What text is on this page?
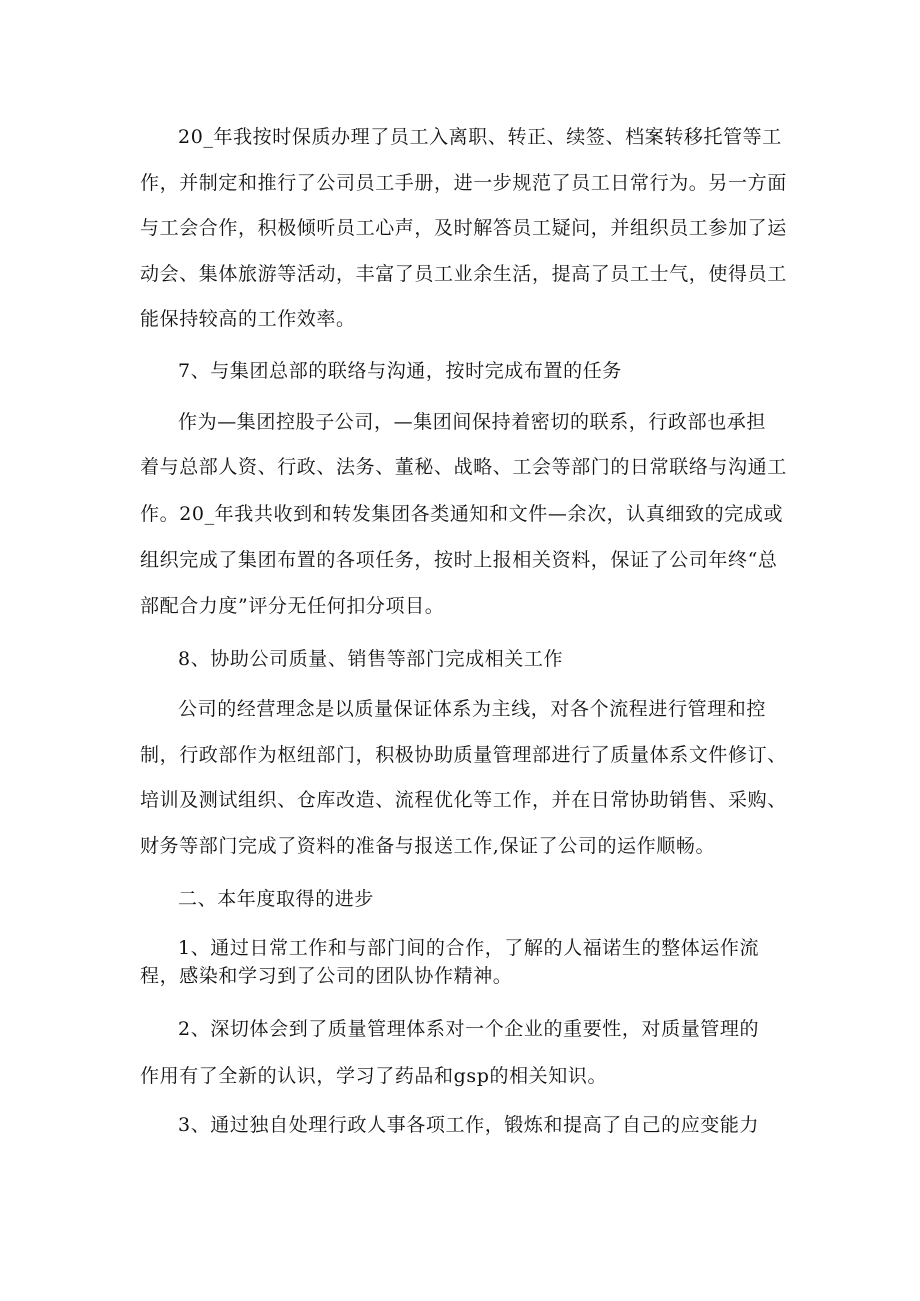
20_年我按时保质办理了员工入离职、转正、续签、档案转移托管等工
作，并制定和推行了公司员工手册，进一步规范了员工日常行为。另一方面
与工会合作，积极倾听员工心声，及时解答员工疑问，并组织员工参加了运
动会、集体旅游等活动，丰富了员工业余生活，提高了员工士气，使得员工
能保持较高的工作效率。
7、与集团总部的联络与沟通，按时完成布置的任务
作为—集团控股子公司，—集团间保持着密切的联系，行政部也承担
着与总部人资、行政、法务、董秘、战略、工会等部门的日常联络与沟通工
作。20_年我共收到和转发集团各类通知和文件—余次，认真细致的完成或
组织完成了集团布置的各项任务，按时上报相关资料，保证了公司年终“总
部配合力度”评分无任何扣分项目。
8、协助公司质量、销售等部门完成相关工作
公司的经营理念是以质量保证体系为主线，对各个流程进行管理和控
制，行政部作为枢纽部门，积极协助质量管理部进行了质量体系文件修订、
培训及测试组织、仓库改造、流程优化等工作，并在日常协助销售、采购、
财务等部门完成了资料的准备与报送工作,保证了公司的运作顺畅。
二、本年度取得的进步
1、通过日常工作和与部门间的合作，了解的人福诺生的整体运作流
程，感染和学习到了公司的团队协作精神。
2、深切体会到了质量管理体系对一个企业的重要性，对质量管理的
作用有了全新的认识，学习了药品和gsp的相关知识。
3、通过独自处理行政人事各项工作，锻炼和提高了自己的应变能力
